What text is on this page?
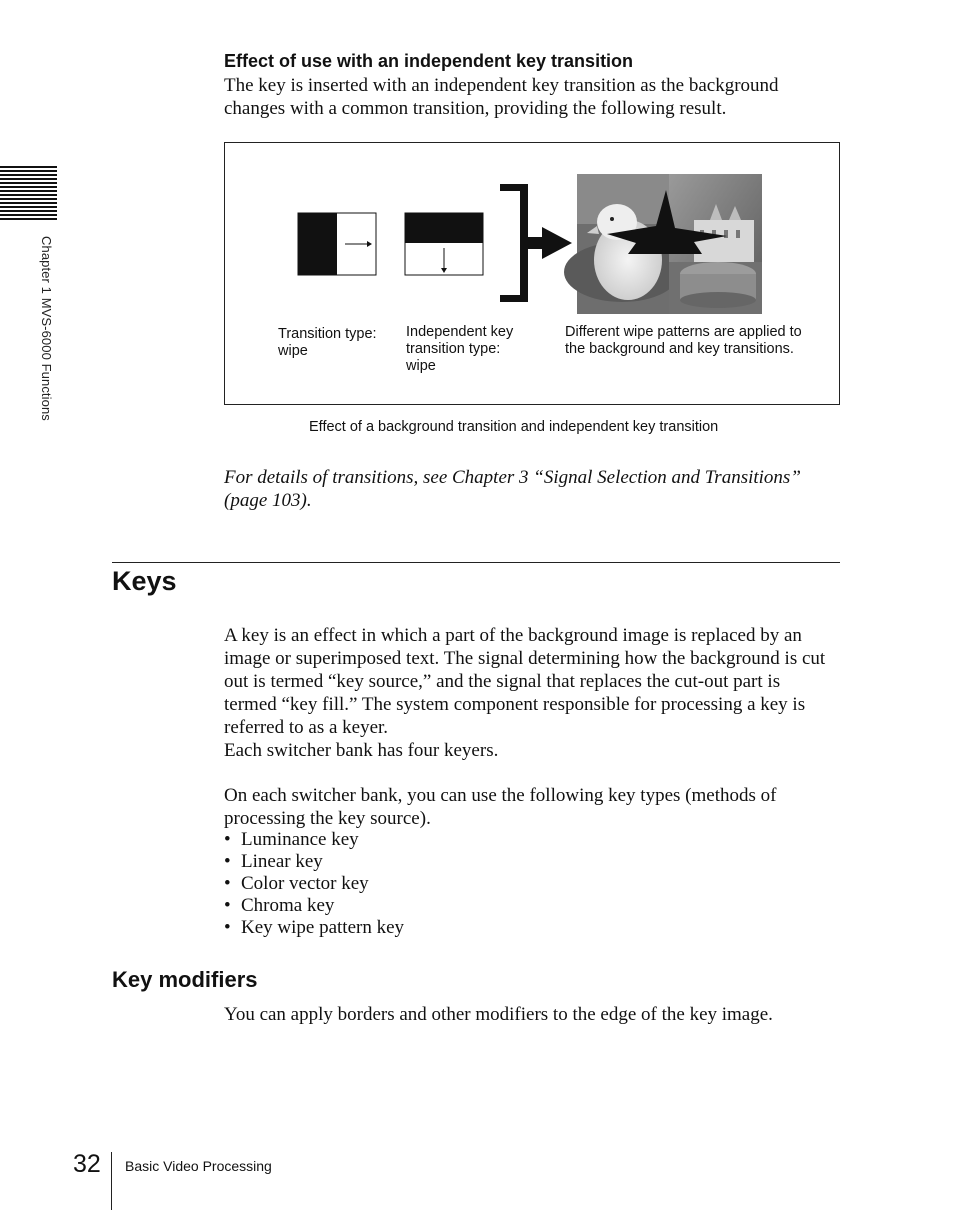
Chapter 1 MVS-6000 Functions
Effect of use with an independent key transition
The key is inserted with an independent key transition as the background
changes with a common transition, providing the following result.
Transition type:
wipe
Independent key
transition type:
wipe
Different wipe patterns are applied to
the background and key transitions.
Effect of a background transition and independent key transition
For details of transitions, see Chapter 3 “Signal Selection and Transitions”
(page 103).
Keys
A key is an effect in which a part of the background image is replaced by an
image or superimposed text. The signal determining how the background is cut
out is termed “key source,” and the signal that replaces the cut-out part is
termed “key fill.” The system component responsible for processing a key is
referred to as a keyer.
Each switcher bank has four keyers.
On each switcher bank, you can use the following key types (methods of
processing the key source).
• Luminance key
• Linear key
• Color vector key
• Chroma key
• Key wipe pattern key
Key modifiers
You can apply borders and other modifiers to the edge of the key image.
32 Basic Video Processing
